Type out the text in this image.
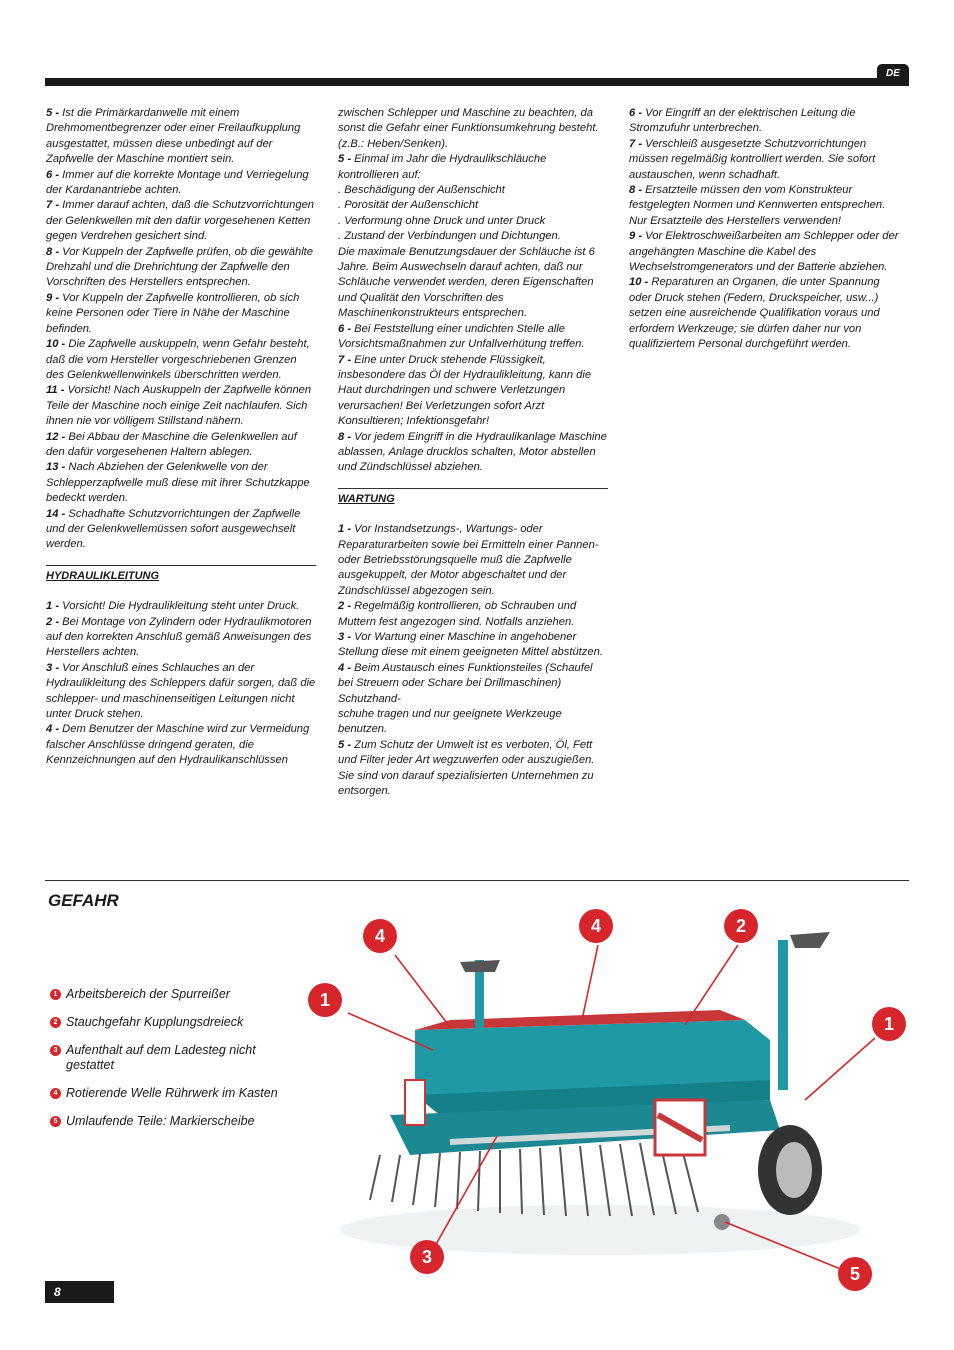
DE

5 - Ist die Primärkardanwelle mit einem Drehmomentbegrenzer oder einer Freilaufkupplung ausgestattet, müssen diese unbedingt auf der Zapfwelle der Maschine montiert sein.

6 - Immer auf die korrekte Montage und Verriegelung der Kardanantriebe achten.

7 - Immer darauf achten, daß die Schutzvorrichtungen der Gelenkwellen mit den dafür vorgesehenen Ketten gegen Verdrehen gesichert sind.

8 - Vor Kuppeln der Zapfwelle prüfen, ob die gewählte Drehzahl und die Drehrichtung der Zapfwelle den Vorschriften des Herstellers entsprechen.

9 - Vor Kuppeln der Zapfwelle kontrollieren, ob sich keine Personen oder Tiere in Nähe der Maschine befinden.

10 - Die Zapfwelle auskuppeln, wenn Gefahr besteht, daß die vom Hersteller vorgeschriebenen Grenzen des Gelenkwellenwinkels überschritten werden.

11 - Vorsicht! Nach Auskuppeln der Zapfwelle können Teile der Maschine noch einige Zeit nachlaufen. Sich ihnen nie vor völligem Stillstand nähern.

12 - Bei Abbau der Maschine die Gelenkwellen auf den dafür vorgesehenen Haltern ablegen.

13 - Nach Abziehen der Gelenkwelle von der Schlepperzapfwelle muß diese mit ihrer Schutzkappe bedeckt werden.

14 - Schadhafte Schutzvorrichtungen der Zapfwelle und der Gelenkwellemüssen sofort ausgewechselt werden.

HYDRAULIKLEITUNG

1 - Vorsicht! Die Hydraulikleitung steht unter Druck.

2 - Bei Montage von Zylindern oder Hydraulikmotoren auf den korrekten Anschluß gemäß Anweisungen des Herstellers achten.

3 - Vor Anschluß eines Schlauches an der Hydraulikleitung des Schleppers dafür sorgen, daß die schlepper- und maschinenseitigen Leitungen nicht unter Druck stehen.

4 - Dem Benutzer der Maschine wird zur Vermeidung falscher Anschlüsse dringend geraten, die Kennzeichnungen auf den Hydraulikanschlüssen

zwischen Schlepper und Maschine zu beachten, da sonst die Gefahr einer Funktionsumkehrung besteht. (z.B.: Heben/Senken).

5 - Einmal im Jahr die Hydraulikschläuche kontrollieren auf:

. Beschädigung der Außenschicht

. Porosität der Außenschicht

. Verformung ohne Druck und unter Druck

. Zustand der Verbindungen und Dichtungen.

Die maximale Benutzungsdauer der Schläuche ist 6 Jahre. Beim Auswechseln darauf achten, daß nur Schläuche verwendet werden, deren Eigenschaften und Qualität den Vorschriften des Maschinenkonstrukteurs entsprechen.

6 - Bei Feststellung einer undichten Stelle alle Vorsichtsmaßnahmen zur Unfallverhütung treffen.

7 - Eine unter Druck stehende Flüssigkeit, insbesondere das Öl der Hydraulikleitung, kann die Haut durchdringen und schwere Verletzungen verursachen! Bei Verletzungen sofort Arzt Konsultieren; Infektionsgefahr!

8 - Vor jedem Eingriff in die Hydraulikanlage Maschine ablassen, Anlage drucklos schalten, Motor abstellen und Zündschlüssel abziehen.

WARTUNG

1 - Vor Instandsetzungs-, Wartungs- oder Reparaturarbeiten sowie bei Ermitteln einer Pannen- oder Betriebsstörungsquelle muß die Zapfwelle ausgekuppelt, der Motor abgeschaltet und der Zündschlüssel abgezogen sein.

2 - Regelmäßig kontrollieren, ob Schrauben und Muttern fest angezogen sind. Notfalls anziehen.

3 - Vor Wartung einer Maschine in angehobener Stellung diese mit einem geeigneten Mittel abstützen.

4 - Beim Austausch eines Funktionsteiles (Schaufel bei Streuern oder Schare bei Drillmaschinen) Schutzhand-

schuhe tragen und nur geeignete Werkzeuge benutzen.

5 - Zum Schutz der Umwelt ist es verboten, Öl, Fett und Filter jeder Art wegzuwerfen oder auszugießen. Sie sind von darauf spezialisierten Unternehmen zu entsorgen.

6 - Vor Eingriff an der elektrischen Leitung die Stromzufuhr unterbrechen.

7 - Verschleiß ausgesetzte Schutzvorrichtungen müssen regelmäßig kontrolliert werden. Sie sofort austauschen, wenn schadhaft.

8 - Ersatzteile müssen den vom Konstrukteur festgelegten Normen und Kennwerten entsprechen. Nur Ersatzteile des Herstellers verwenden!

9 - Vor Elektroschweißarbeiten am Schlepper oder der angehängten Maschine die Kabel des Wechselstromgenerators und der Batterie abziehen.

10 - Reparaturen an Organen, die unter Spannung oder Druck stehen (Federn, Druckspeicher, usw...) setzen eine ausreichende Qualifikation voraus und erfordern Werkzeuge; sie dürfen daher nur von qualifiziertem Personal durchgeführt werden.

GEFAHR
1 Arbeitsbereich der Spurreißer
2 Stauchgefahr Kupplungsdreieck
3 Aufenthalt auf dem Ladesteg nicht gestattet
4 Rotierende Welle Rührwerk im Kasten
5 Umlaufende Teile: Markierscheibe
4	4	2
1
1
3
5
8
